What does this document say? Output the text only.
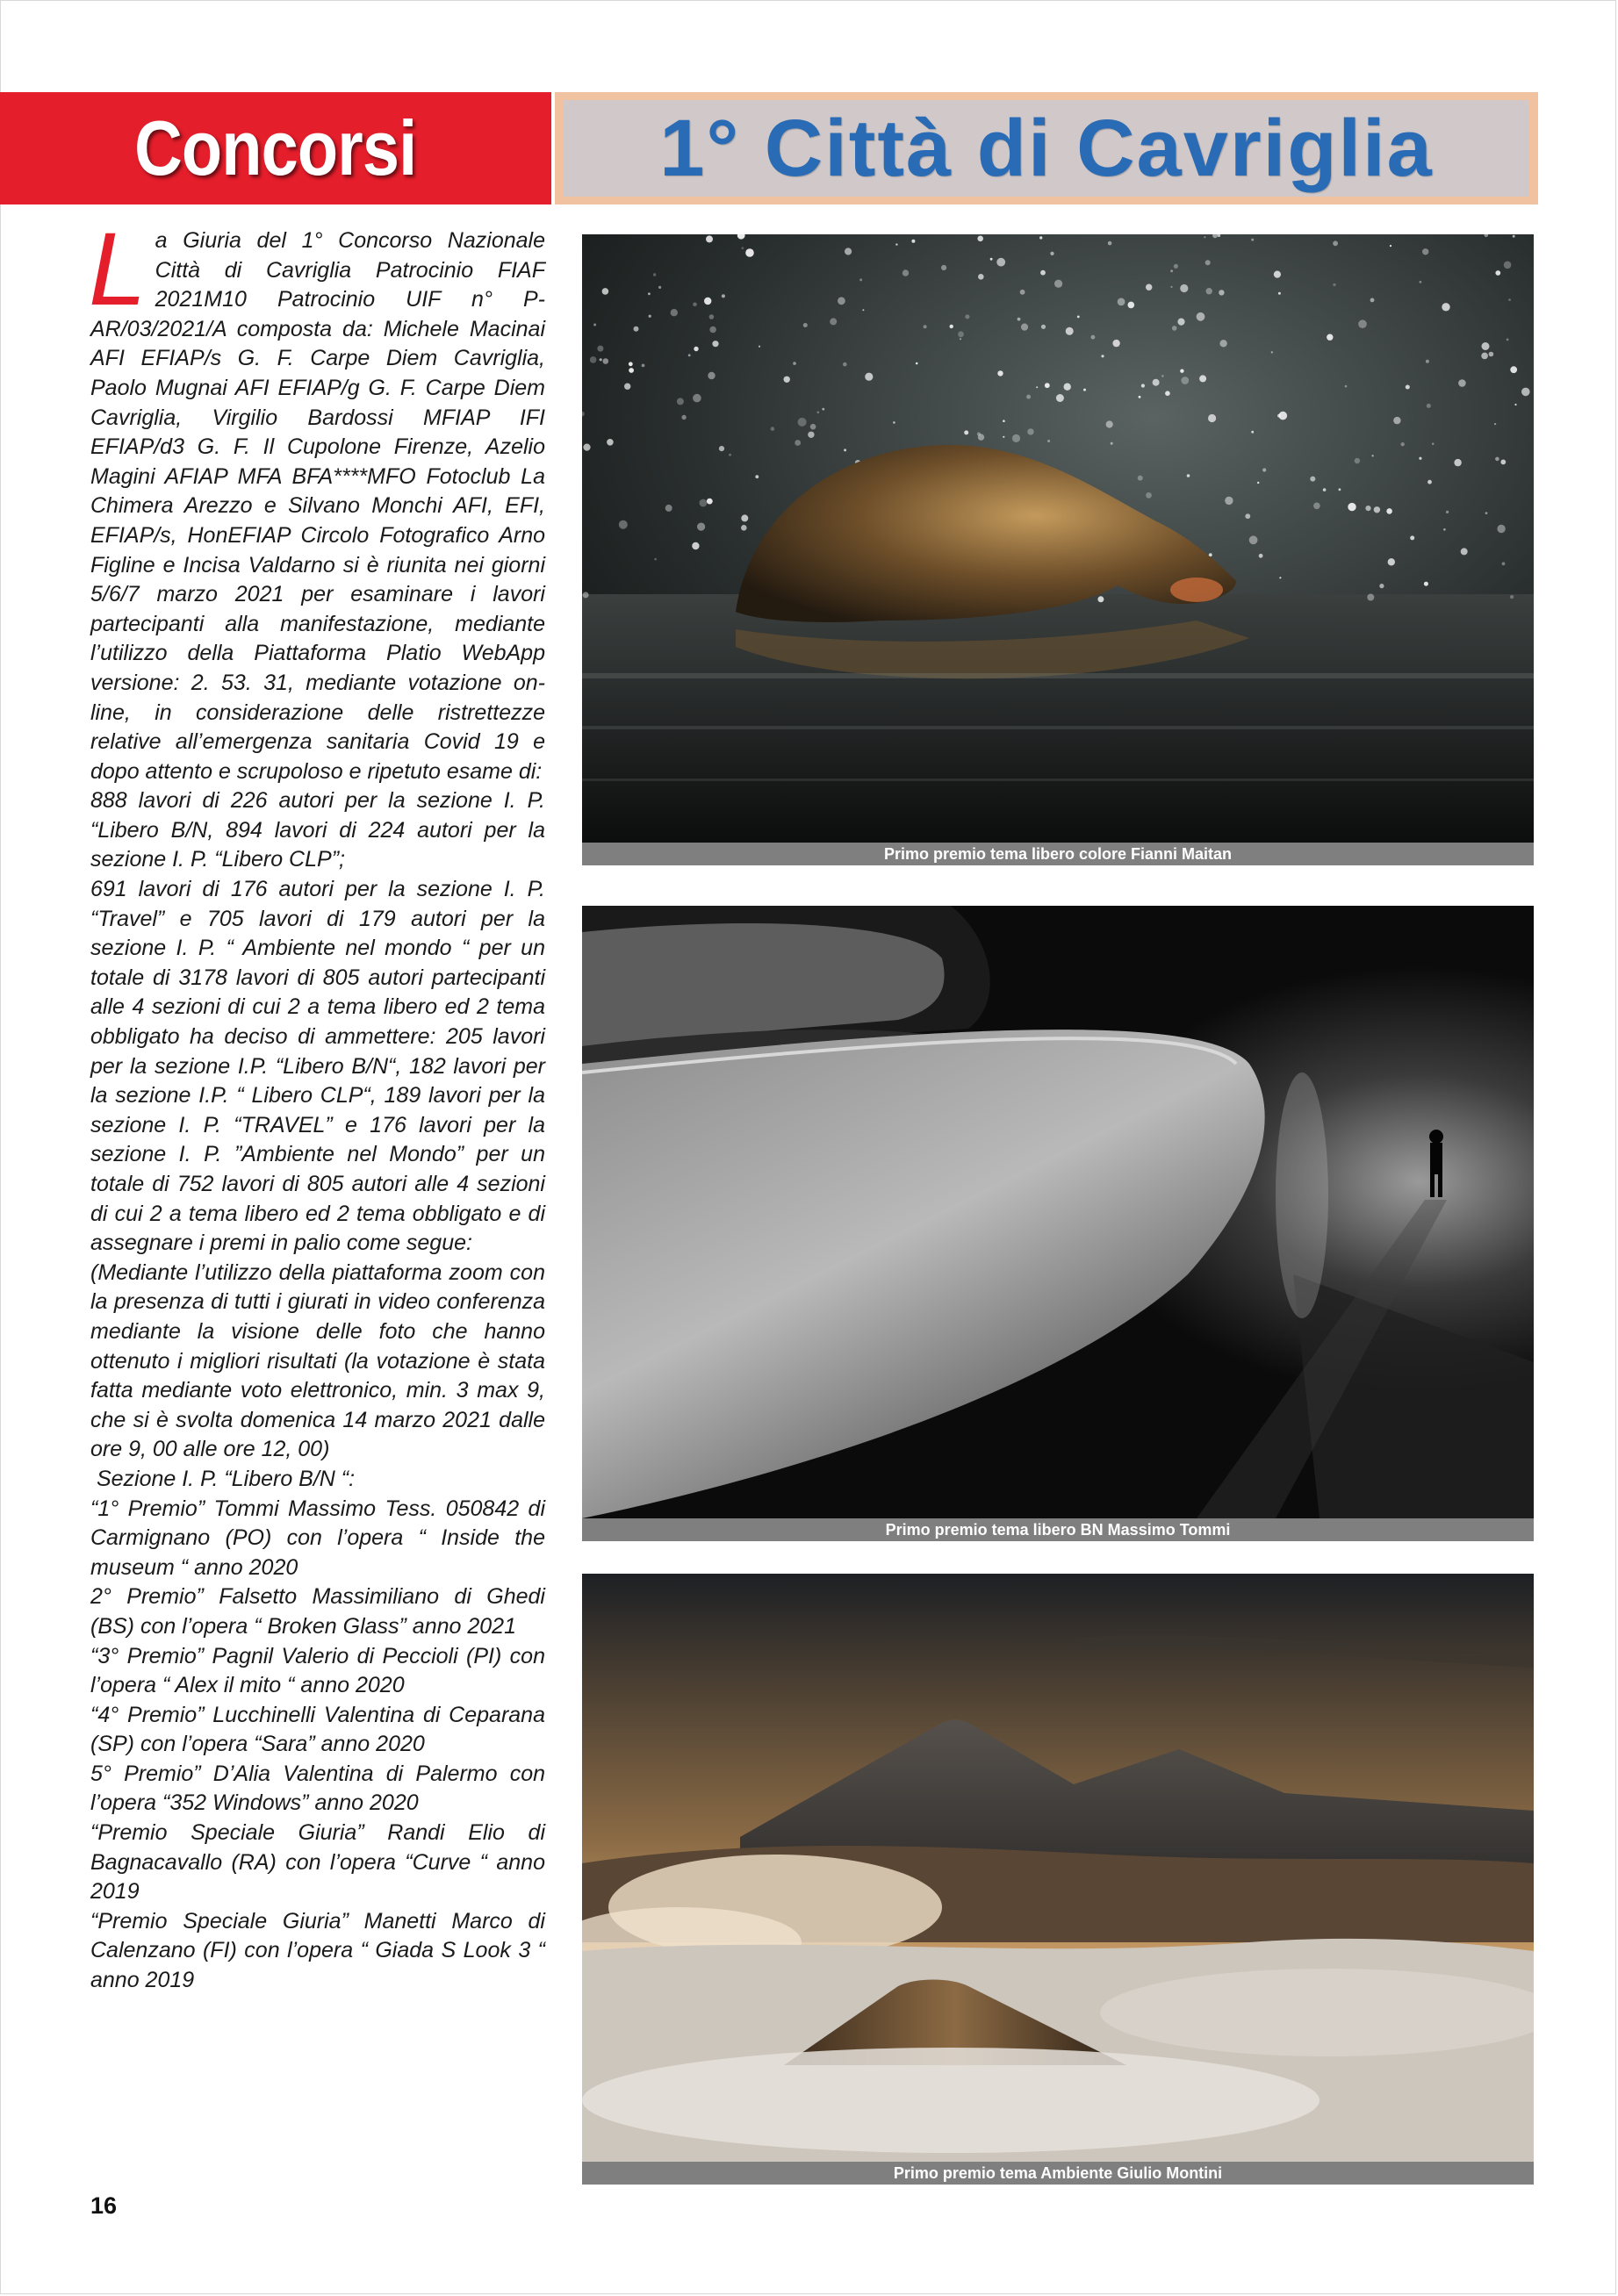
Concorsi	1° Città di Cavriglia
L a Giuria del 1° Concorso Nazionale Città di Cavriglia Patrocinio FIAF 2021M10 Patrocinio UIF n° P-AR/03/2021/A composta da: Michele Macinai AFI EFIAP/s G. F. Carpe Diem Cavriglia, Paolo Mugnai AFI EFIAP/g G. F. Carpe Diem Cavriglia, Virgilio Bardossi MFIAP IFI EFIAP/d3 G. F. Il Cupolone Firenze, Azelio Magini AFIAP MFA BFA****MFO Fotoclub La Chimera Arezzo e Silvano Monchi AFI, EFI, EFIAP/s, HonEFIAP Circolo Fotografico Arno Figline e Incisa Valdarno si è riunita nei giorni 5/6/7 marzo 2021 per esaminare i lavori partecipanti alla manifestazione, mediante l’utilizzo della Piattaforma Platio WebApp versione: 2. 53. 31, mediante votazione on-line, in considerazione delle ristrettezze relative all’emergenza sanitaria Covid 19 e dopo attento e scrupoloso e ripetuto esame di:

888 lavori di 226 autori per la sezione I. P. “Libero B/N, 894 lavori di 224 autori per la sezione I. P. “Libero CLP”;

691 lavori di 176 autori per la sezione I. P. “Travel” e 705 lavori di 179 autori per la sezione I. P. “ Ambiente nel mondo “ per un totale di 3178 lavori di 805 autori partecipanti alle 4 sezioni di cui 2 a tema libero ed 2 tema obbligato ha deciso di ammettere: 205 lavori per la sezione I.P. “Libero B/N“, 182 lavori per la sezione I.P. “ Libero CLP“, 189 lavori per la sezione I. P. “TRAVEL” e 176 lavori per la sezione I. P. ”Ambiente nel Mondo” per un totale di 752 lavori di 805 autori alle 4 sezioni di cui 2 a tema libero ed 2 tema obbligato e di assegnare i premi in palio come segue:

(Mediante l’utilizzo della piattaforma zoom con la presenza di tutti i giurati in video conferenza mediante la visione delle foto che hanno ottenuto i migliori risultati (la votazione è stata fatta mediante voto elettronico, min. 3 max 9, che si è svolta domenica 14 marzo 2021 dalle ore 9, 00 alle ore 12, 00)

Sezione I. P. “Libero B/N “:

“1° Premio” Tommi Massimo Tess. 050842 di Carmignano (PO) con l’opera “ Inside the museum “ anno 2020

2° Premio” Falsetto Massimiliano di Ghedi (BS) con l’opera “ Broken Glass” anno 2021

“3° Premio” Pagnil Valerio di Peccioli (PI) con l’opera “ Alex il mito “ anno 2020

“4° Premio” Lucchinelli Valentina di Ceparana (SP) con l’opera “Sara” anno 2020

5° Premio” D’Alia Valentina di Palermo con l’opera “352 Windows” anno 2020

“Premio Speciale Giuria” Randi Elio di Bagnacavallo (RA) con l’opera “Curve “ anno 2019

“Premio Speciale Giuria” Manetti Marco di Calenzano (FI) con l’opera “ Giada S Look 3 “ anno 2019

16
Primo premio tema libero colore Fianni Maitan
Primo premio tema libero BN Massimo Tommi
Primo premio tema Ambiente Giulio Montini
